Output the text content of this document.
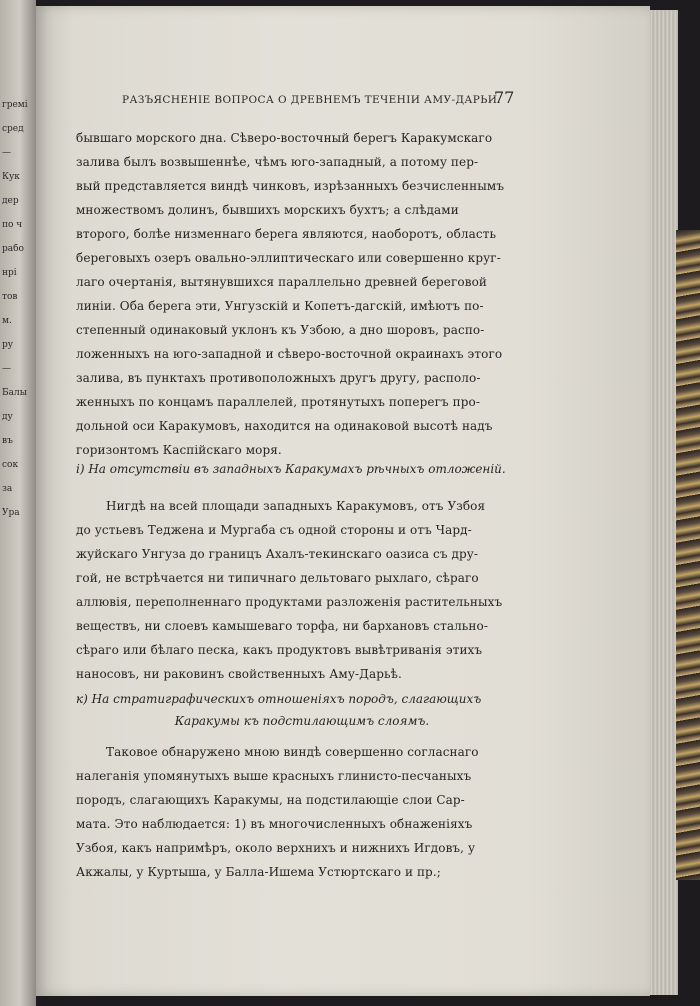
гремі
сред
—
Кук
дер
по ч
рабо
нрі
тов
м.
ру
—
Балы
ду
въ
сок
за
Ура
РАЗЪЯСНЕНІЕ ВОПРОСА О ДРЕВНЕМЪ ТЕЧЕНІИ АМУ-ДАРЬИ.
77
бывшаго морского дна. Сѣверо-восточный берегъ Каракумскаго
залива былъ возвышеннѣе, чѣмъ юго-западный, а потому пер-
вый представляется виндѣ чинковъ, изрѣзанныхъ безчисленнымъ
множествомъ долинъ, бывшихъ морскихъ бухтъ; а слѣдами
второго, болѣе низменнаго берега являются, наоборотъ, область
береговыхъ озеръ овально-эллиптическаго или совершенно круг-
лаго очертанія, вытянувшихся параллельно древней береговой
линіи. Оба берега эти, Унгузскій и Копетъ-дагскій, имѣютъ по-
степенный одинаковый уклонъ къ Узбою, а дно шоровъ, распо-
ложенныхъ на юго-западной и сѣверо-восточной окраинахъ этого
залива, въ пунктахъ противоположныхъ другъ другу, располо-
женныхъ по концамъ параллелей, протянутыхъ поперегъ про-
дольной оси Каракумовъ, находится на одинаковой высотѣ надъ
горизонтомъ Каспійскаго моря.
i) На отсутствіи въ западныхъ Каракумахъ рѣчныхъ отложеній.
Нигдѣ на всей площади западныхъ Каракумовъ, отъ Узбоя
до устьевъ Теджена и Мургаба съ одной стороны и отъ Чард-
жуйскаго Унгуза до границъ Ахалъ-текинскаго оазиса съ дру-
гой, не встрѣчается ни типичнаго дельтоваго рыхлаго, сѣраго
аллювія, переполненнаго продуктами разложенія растительныхъ
веществъ, ни слоевъ камышеваго торфа, ни бархановъ стально-
сѣраго или бѣлаго песка, какъ продуктовъ вывѣтриванія этихъ
наносовъ, ни раковинъ свойственныхъ Аму-Дарьѣ.
к) На стратиграфическихъ отношеніяхъ породъ, слагающихъ
Каракумы къ подстилающимъ слоямъ.
Таковое обнаружено мною виндѣ совершенно согласнаго
налеганія упомянутыхъ выше красныхъ глинисто-песчаныхъ
породъ, слагающихъ Каракумы, на подстилающіе слои Сар-
мата. Это наблюдается: 1) въ многочисленныхъ обнаженіяхъ
Узбоя, какъ напримѣръ, около верхнихъ и нижнихъ Игдовъ, у
Акжалы, у Куртыша, у Балла-Ишема Устюртскаго и пр.;
